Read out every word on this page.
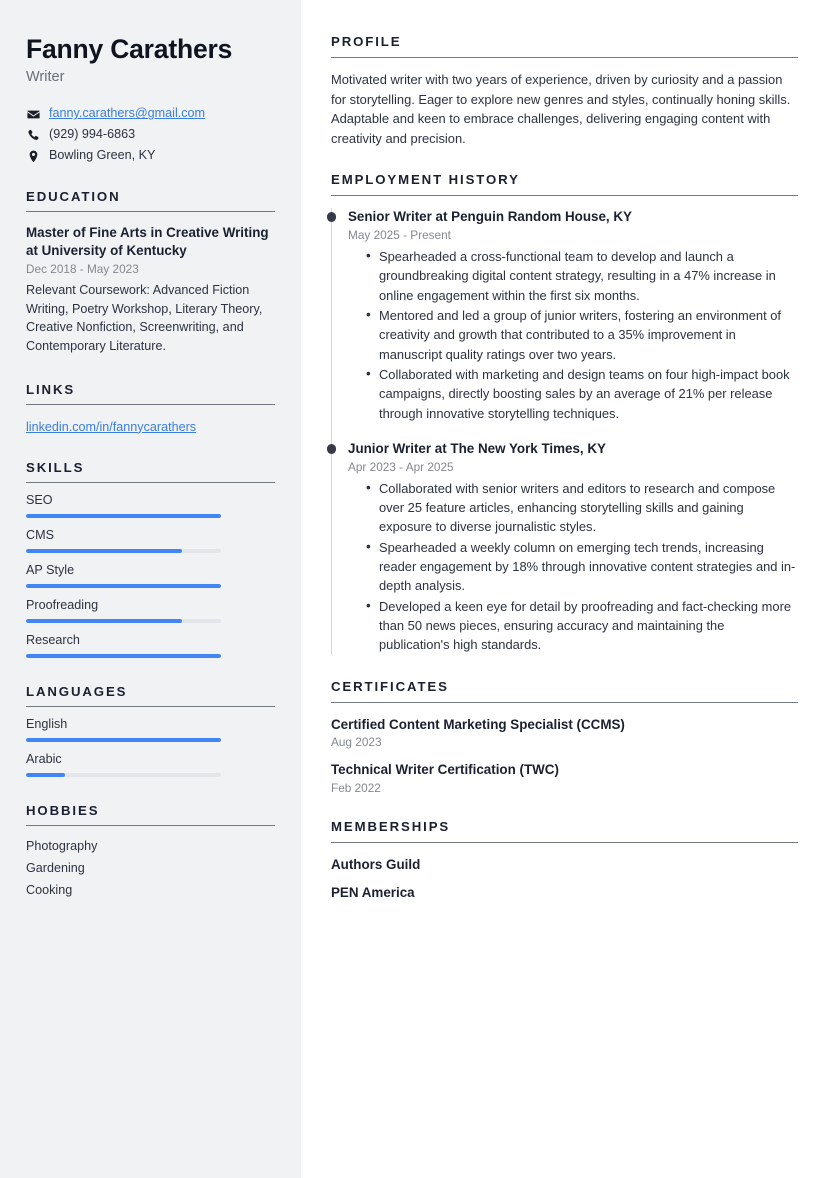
Fanny Carathers
Writer
fanny.carathers@gmail.com
(929) 994-6863
Bowling Green, KY
EDUCATION
Master of Fine Arts in Creative Writing at University of Kentucky
Dec 2018 - May 2023
Relevant Coursework: Advanced Fiction Writing, Poetry Workshop, Literary Theory, Creative Nonfiction, Screenwriting, and Contemporary Literature.
LINKS
linkedin.com/in/fannycarathers
SKILLS
SEO
CMS
AP Style
Proofreading
Research
LANGUAGES
English
Arabic
HOBBIES
Photography
Gardening
Cooking
PROFILE

Motivated writer with two years of experience, driven by curiosity and a passion for storytelling. Eager to explore new genres and styles, continually honing skills. Adaptable and keen to embrace challenges, delivering engaging content with creativity and precision.

EMPLOYMENT HISTORY
Senior Writer at Penguin Random House, KY
May 2025 - Present
• Spearheaded a cross-functional team to develop and launch a groundbreaking digital content strategy, resulting in a 47% increase in online engagement within the first six months.
• Mentored and led a group of junior writers, fostering an environment of creativity and growth that contributed to a 35% improvement in manuscript quality ratings over two years.
• Collaborated with marketing and design teams on four high-impact book campaigns, directly boosting sales by an average of 21% per release through innovative storytelling techniques.
Junior Writer at The New York Times, KY
Apr 2023 - Apr 2025
• Collaborated with senior writers and editors to research and compose over 25 feature articles, enhancing storytelling skills and gaining exposure to diverse journalistic styles.
• Spearheaded a weekly column on emerging tech trends, increasing reader engagement by 18% through innovative content strategies and in-depth analysis.
• Developed a keen eye for detail by proofreading and fact-checking more than 50 news pieces, ensuring accuracy and maintaining the publication's high standards.
CERTIFICATES
Certified Content Marketing Specialist (CCMS)
Aug 2023
Technical Writer Certification (TWC)
Feb 2022
MEMBERSHIPS
Authors Guild
PEN America
